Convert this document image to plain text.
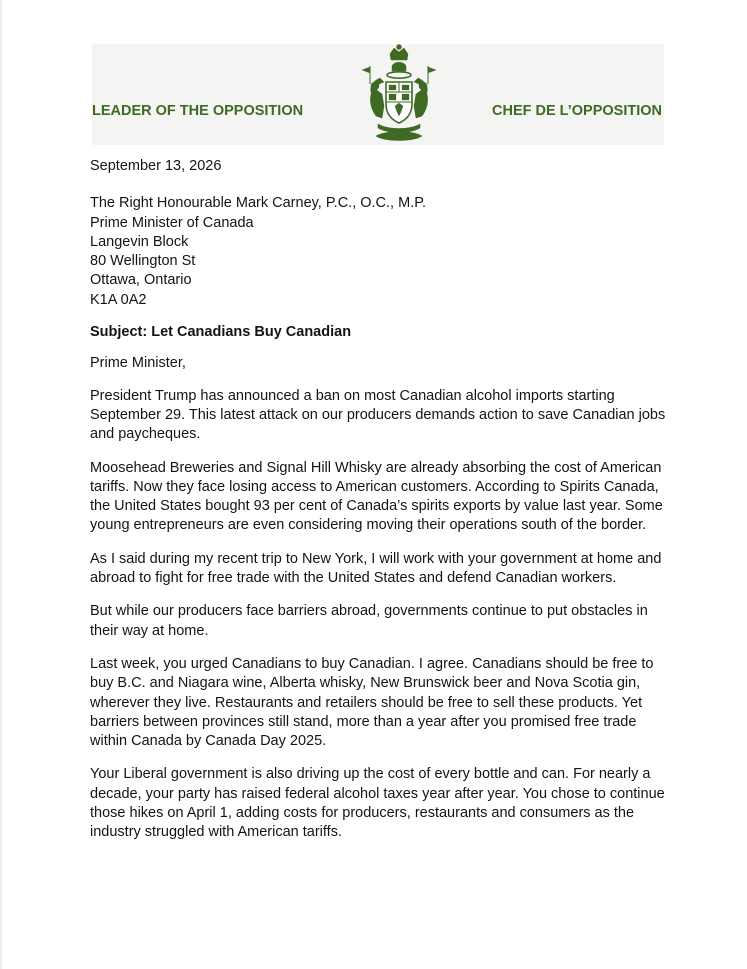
LEADER OF THE OPPOSITION	CHEF DE L’OPPOSITION

September 13, 2026

The Right Honourable Mark Carney, P.C., O.C., M.P.

Prime Minister of Canada

Langevin Block

80 Wellington St

Ottawa, Ontario

K1A 0A2

Subject: Let Canadians Buy Canadian

Prime Minister,

President Trump has announced a ban on most Canadian alcohol imports starting September 29. This latest attack on our producers demands action to save Canadian jobs and paycheques.

Moosehead Breweries and Signal Hill Whisky are already absorbing the cost of American tariffs. Now they face losing access to American customers. According to Spirits Canada, the United States bought 93 per cent of Canada’s spirits exports by value last year. Some young entrepreneurs are even considering moving their operations south of the border.

As I said during my recent trip to New York, I will work with your government at home and abroad to fight for free trade with the United States and defend Canadian workers.

But while our producers face barriers abroad, governments continue to put obstacles in their way at home.

Last week, you urged Canadians to buy Canadian. I agree. Canadians should be free to buy B.C. and Niagara wine, Alberta whisky, New Brunswick beer and Nova Scotia gin, wherever they live. Restaurants and retailers should be free to sell these products. Yet barriers between provinces still stand, more than a year after you promised free trade within Canada by Canada Day 2025.

Your Liberal government is also driving up the cost of every bottle and can. For nearly a decade, your party has raised federal alcohol taxes year after year. You chose to continue those hikes on April 1, adding costs for producers, restaurants and consumers as the industry struggled with American tariffs.
